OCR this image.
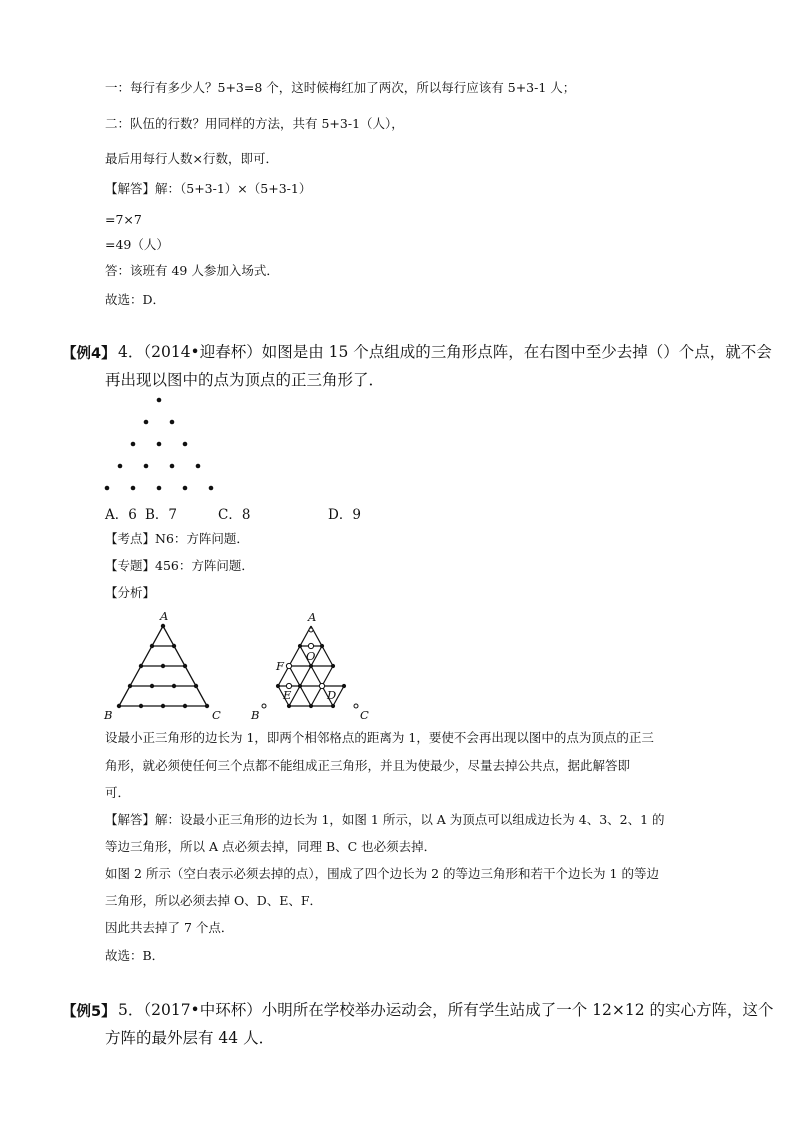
一：每行有多少人？5+3=8 个，这时候梅红加了两次，所以每行应该有 5+3-1 人；
二：队伍的行数？用同样的方法，共有 5+3-1（人），
最后用每行人数×行数，即可．
【解答】解：（5+3-1）×（5+3-1）
=7×7
=49（人）
答：该班有 49 人参加入场式．
故选：D．
【例4】 4．（2014•迎春杯）如图是由 15 个点组成的三角形点阵，在右图中至少去掉（）个点，就不会
再出现以图中的点为顶点的正三角形了．
A．6 B．7	C．8	D．9
【考点】N6：方阵问题．
【专题】456：方阵问题．
【分析】
A
B	C
A
O
F
E	D
B	C
设最小正三角形的边长为 1，即两个相邻格点的距离为 1，要使不会再出现以图中的点为顶点的正三
角形，就必须使任何三个点都不能组成正三角形，并且为使最少，尽量去掉公共点，据此解答即
可．
【解答】解：设最小正三角形的边长为 1，如图 1 所示，以 A 为顶点可以组成边长为 4、3、2、1 的
等边三角形，所以 A 点必须去掉，同理 B、C 也必须去掉．
如图 2 所示（空白表示必须去掉的点），围成了四个边长为 2 的等边三角形和若干个边长为 1 的等边
三角形，所以必须去掉 O、D、E、F．
因此共去掉了 7 个点．
故选：B．
【例5】 5．（2017•中环杯）小明所在学校举办运动会，所有学生站成了一个 12×12 的实心方阵，这个
方阵的最外层有 44 人．
